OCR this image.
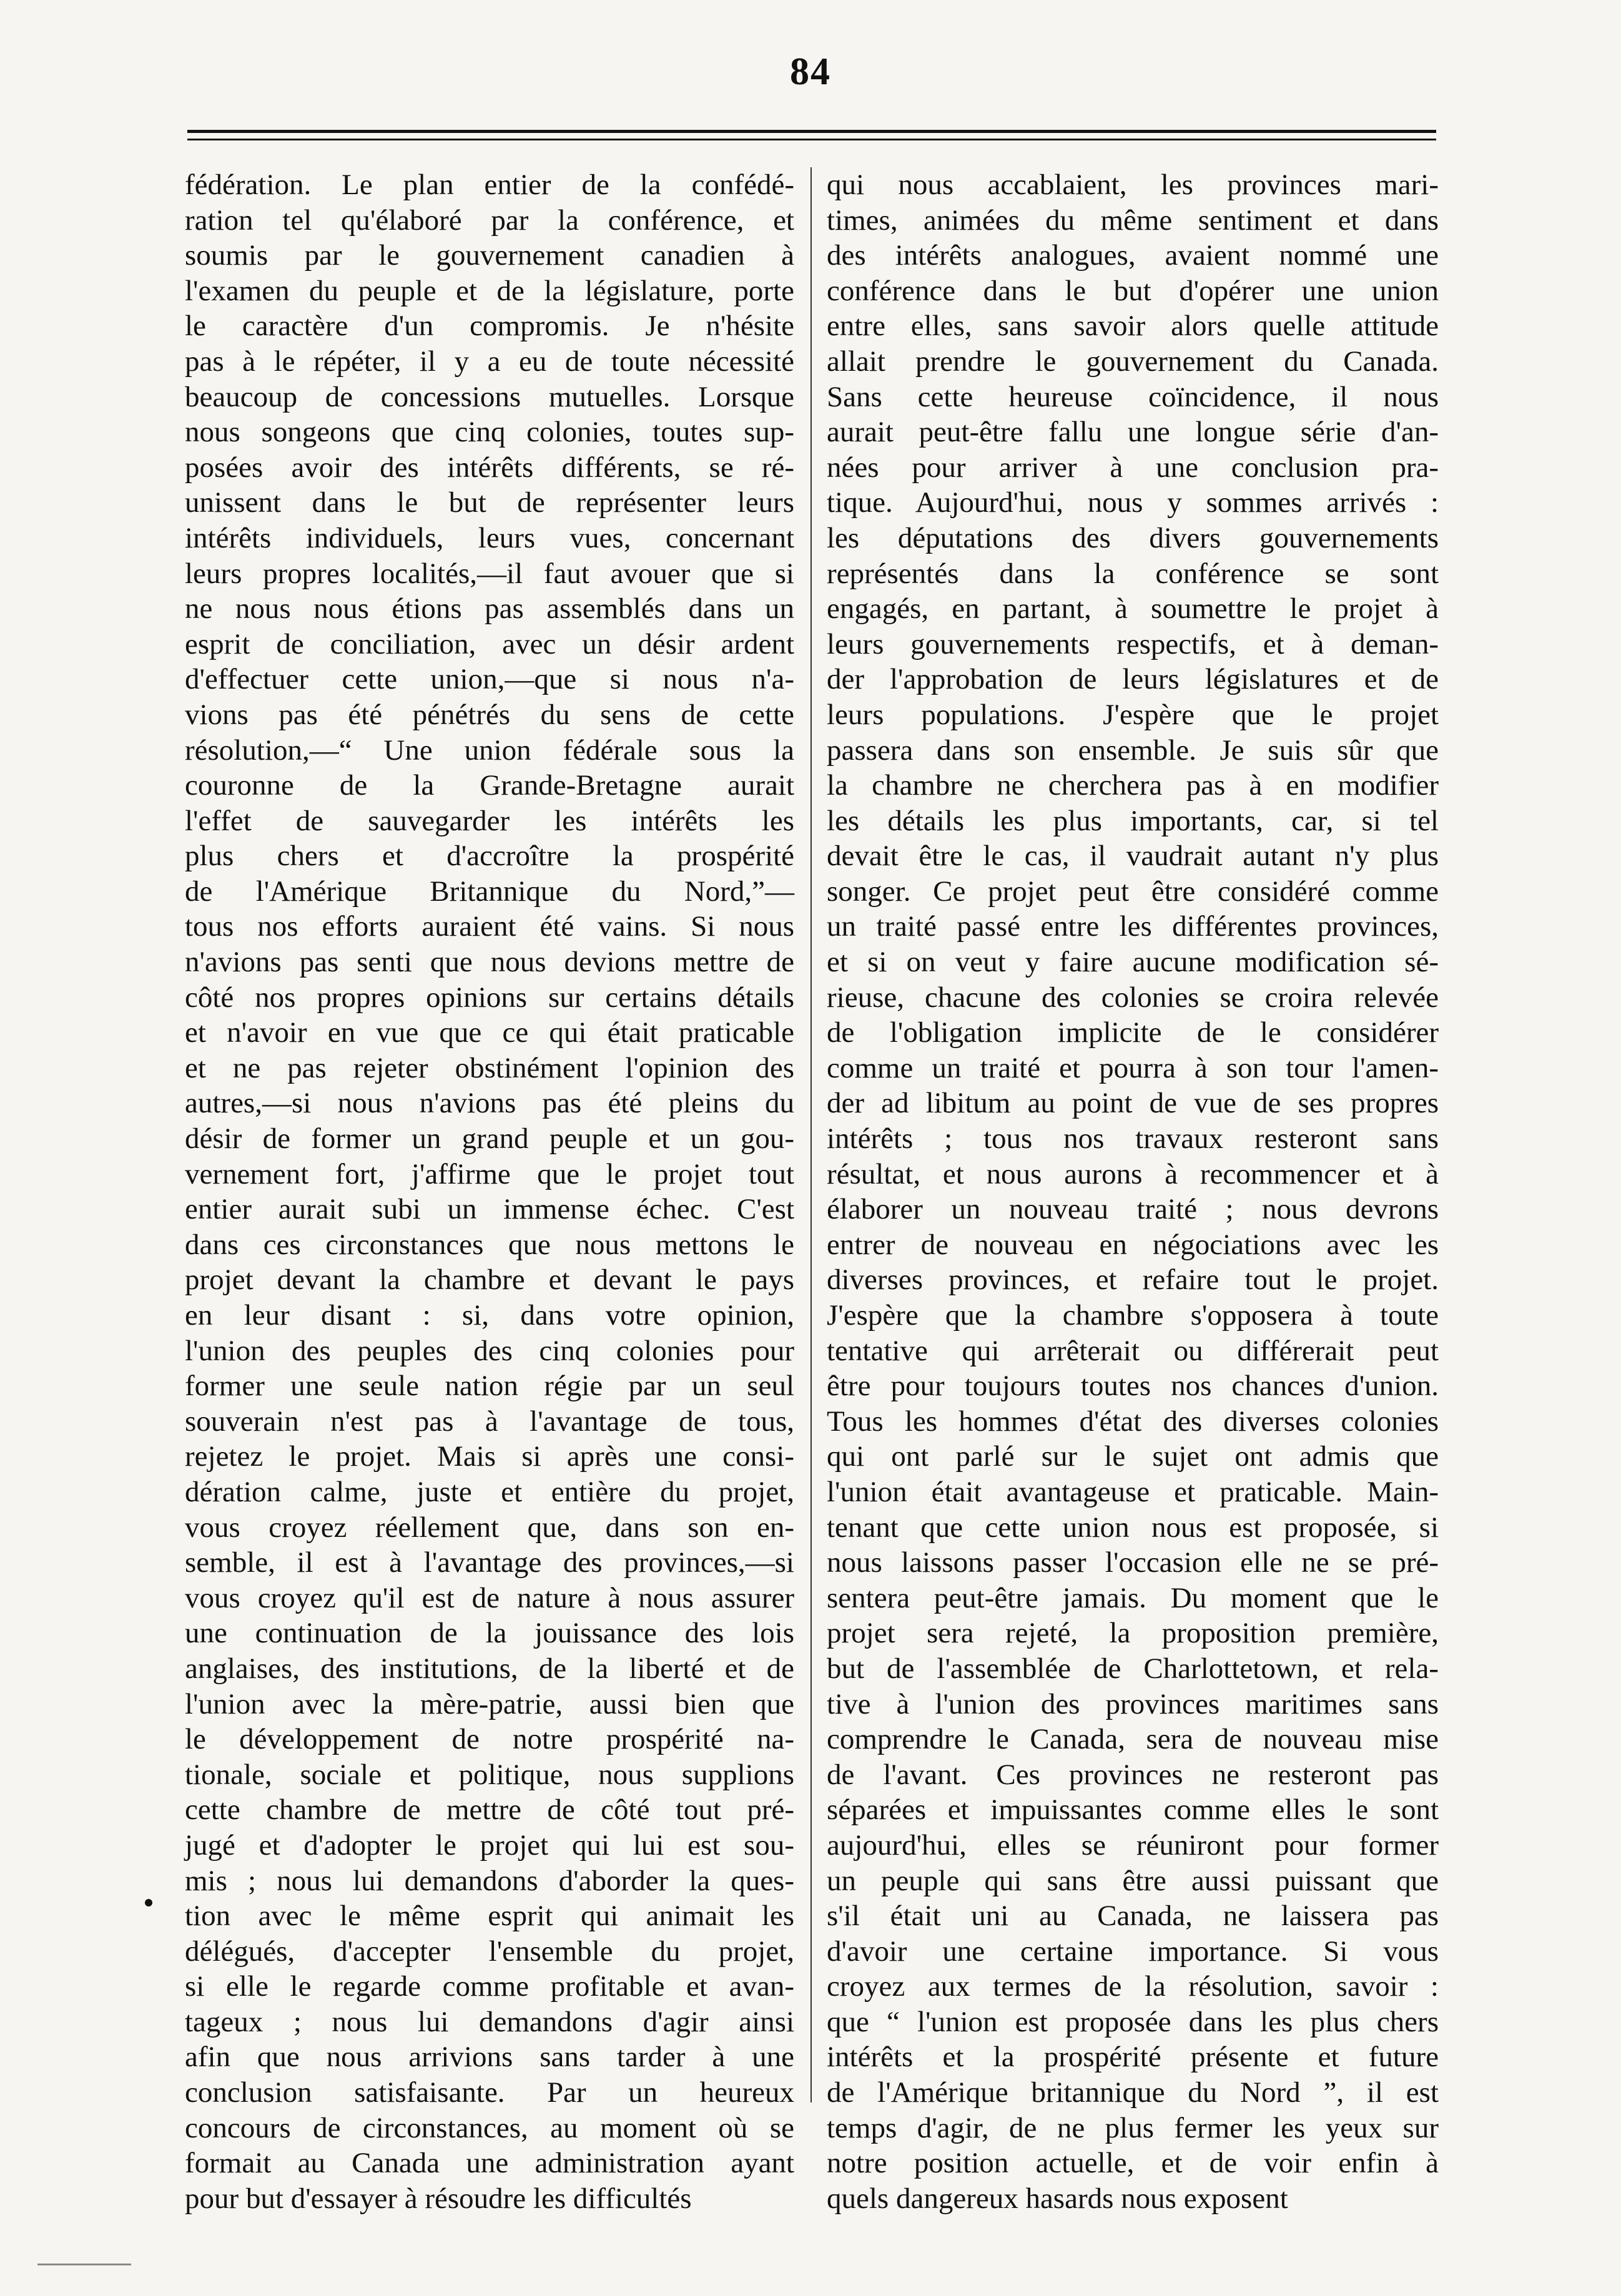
84
fédération. Le plan entier de la confédé-
ration tel qu'élaboré par la conférence, et
soumis par le gouvernement canadien à
l'examen du peuple et de la législature, porte
le caractère d'un compromis. Je n'hésite
pas à le répéter, il y a eu de toute nécessité
beaucoup de concessions mutuelles. Lorsque
nous songeons que cinq colonies, toutes sup-
posées avoir des intérêts différents, se ré-
unissent dans le but de représenter leurs
intérêts individuels, leurs vues, concernant
leurs propres localités,—il faut avouer que si
ne nous nous étions pas assemblés dans un
esprit de conciliation, avec un désir ardent
d'effectuer cette union,—que si nous n'a-
vions pas été pénétrés du sens de cette
résolution,—“ Une union fédérale sous la
couronne de la Grande-Bretagne aurait
l'effet de sauvegarder les intérêts les
plus chers et d'accroître la prospérité
de l'Amérique Britannique du Nord,”—
tous nos efforts auraient été vains. Si nous
n'avions pas senti que nous devions mettre de
côté nos propres opinions sur certains détails
et n'avoir en vue que ce qui était praticable
et ne pas rejeter obstinément l'opinion des
autres,—si nous n'avions pas été pleins du
désir de former un grand peuple et un gou-
vernement fort, j'affirme que le projet tout
entier aurait subi un immense échec. C'est
dans ces circonstances que nous mettons le
projet devant la chambre et devant le pays
en leur disant : si, dans votre opinion,
l'union des peuples des cinq colonies pour
former une seule nation régie par un seul
souverain n'est pas à l'avantage de tous,
rejetez le projet. Mais si après une consi-
dération calme, juste et entière du projet,
vous croyez réellement que, dans son en-
semble, il est à l'avantage des provinces,—si
vous croyez qu'il est de nature à nous assurer
une continuation de la jouissance des lois
anglaises, des institutions, de la liberté et de
l'union avec la mère-patrie, aussi bien que
le développement de notre prospérité na-
tionale, sociale et politique, nous supplions
cette chambre de mettre de côté tout pré-
jugé et d'adopter le projet qui lui est sou-
mis ; nous lui demandons d'aborder la ques-
tion avec le même esprit qui animait les
délégués, d'accepter l'ensemble du projet,
si elle le regarde comme profitable et avan-
tageux ; nous lui demandons d'agir ainsi
afin que nous arrivions sans tarder à une
conclusion satisfaisante. Par un heureux
concours de circonstances, au moment où se
formait au Canada une administration ayant
pour but d'essayer à résoudre les difficultés
qui nous accablaient, les provinces mari-
times, animées du même sentiment et dans
des intérêts analogues, avaient nommé une
conférence dans le but d'opérer une union
entre elles, sans savoir alors quelle attitude
allait prendre le gouvernement du Canada.
Sans cette heureuse coïncidence, il nous
aurait peut-être fallu une longue série d'an-
nées pour arriver à une conclusion pra-
tique. Aujourd'hui, nous y sommes arrivés :
les députations des divers gouvernements
représentés dans la conférence se sont
engagés, en partant, à soumettre le projet à
leurs gouvernements respectifs, et à deman-
der l'approbation de leurs législatures et de
leurs populations. J'espère que le projet
passera dans son ensemble. Je suis sûr que
la chambre ne cherchera pas à en modifier
les détails les plus importants, car, si tel
devait être le cas, il vaudrait autant n'y plus
songer. Ce projet peut être considéré comme
un traité passé entre les différentes provinces,
et si on veut y faire aucune modification sé-
rieuse, chacune des colonies se croira relevée
de l'obligation implicite de le considérer
comme un traité et pourra à son tour l'amen-
der ad libitum au point de vue de ses propres
intérêts ; tous nos travaux resteront sans
résultat, et nous aurons à recommencer et à
élaborer un nouveau traité ; nous devrons
entrer de nouveau en négociations avec les
diverses provinces, et refaire tout le projet.
J'espère que la chambre s'opposera à toute
tentative qui arrêterait ou différerait peut
être pour toujours toutes nos chances d'union.
Tous les hommes d'état des diverses colonies
qui ont parlé sur le sujet ont admis que
l'union était avantageuse et praticable. Main-
tenant que cette union nous est proposée, si
nous laissons passer l'occasion elle ne se pré-
sentera peut-être jamais. Du moment que le
projet sera rejeté, la proposition première,
but de l'assemblée de Charlottetown, et rela-
tive à l'union des provinces maritimes sans
comprendre le Canada, sera de nouveau mise
de l'avant. Ces provinces ne resteront pas
séparées et impuissantes comme elles le sont
aujourd'hui, elles se réuniront pour former
un peuple qui sans être aussi puissant que
s'il était uni au Canada, ne laissera pas
d'avoir une certaine importance. Si vous
croyez aux termes de la résolution, savoir :
que “ l'union est proposée dans les plus chers
intérêts et la prospérité présente et future
de l'Amérique britannique du Nord ”, il est
temps d'agir, de ne plus fermer les yeux sur
notre position actuelle, et de voir enfin à
quels dangereux hasards nous exposent
